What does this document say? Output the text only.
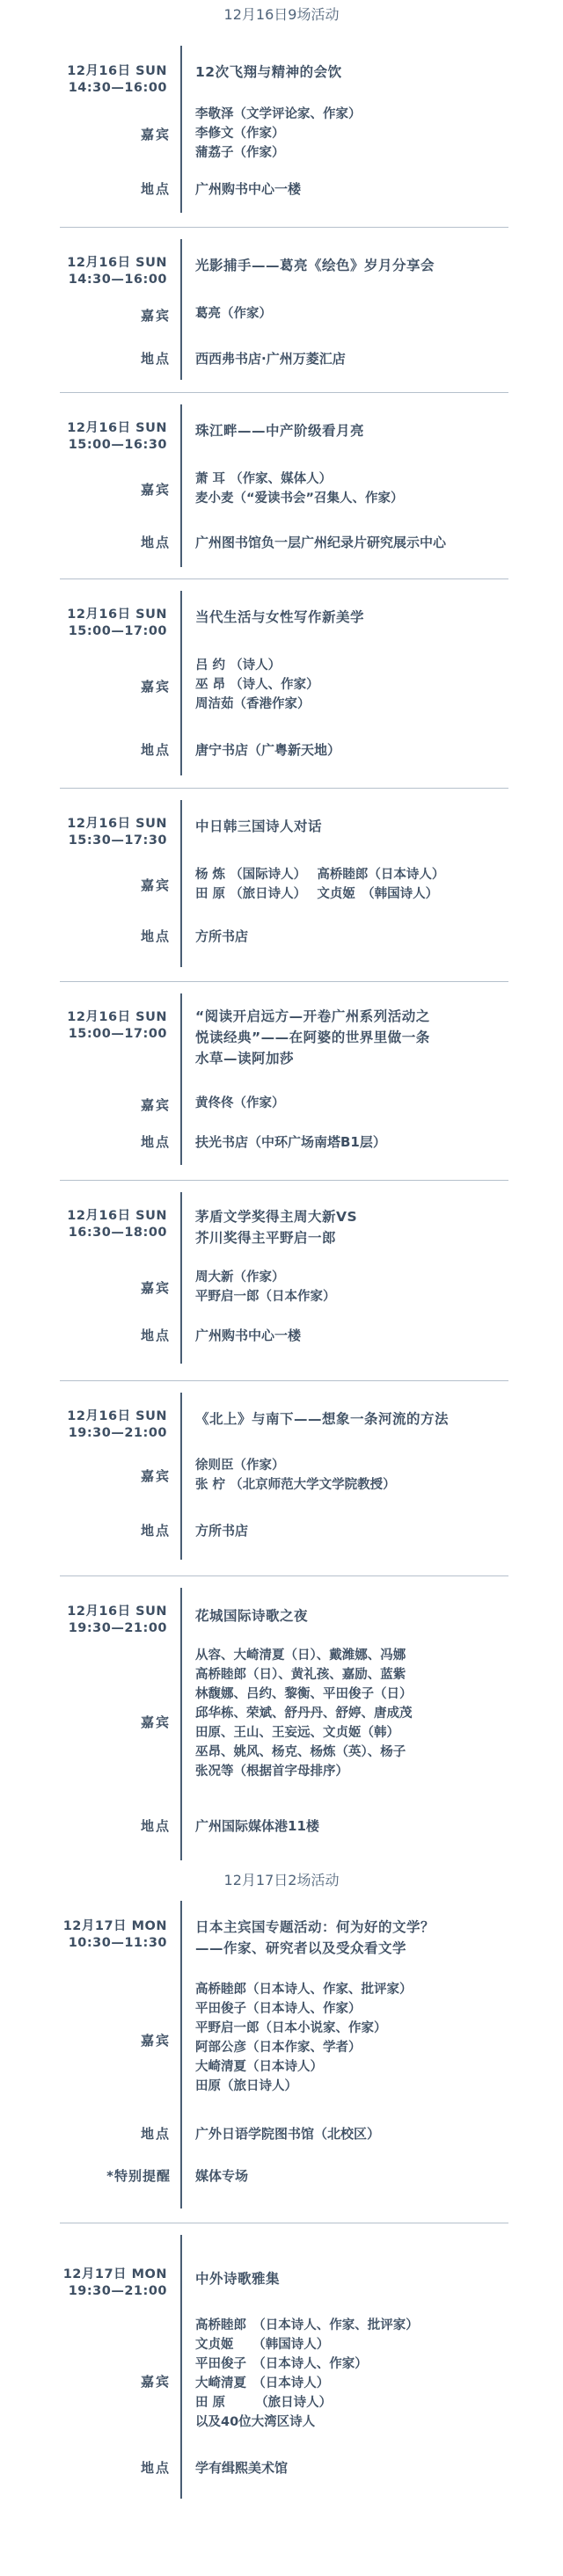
12月16日9场活动
12月16日 SUN
14:30—16:00
12次飞翔与精神的会饮
嘉宾
李敬泽（文学评论家、作家）
李修文（作家）
蒲荔子（作家）
地点 广州购书中心一楼
12月16日 SUN
14:30—16:00
光影捕手——葛亮《绘色》岁月分享会
嘉宾 葛亮（作家）
地点 西西弗书店·广州万菱汇店
12月16日 SUN
15:00—16:30
珠江畔——中产阶级看月亮
嘉宾
萧 耳 （作家、媒体人）
麦小麦（“爱读书会”召集人、作家）
地点 广州图书馆负一层广州纪录片研究展示中心
12月16日 SUN
15:00—17:00
当代生活与女性写作新美学
嘉宾
吕 约 （诗人）
巫 昂 （诗人、作家）
周洁茹（香港作家）
地点 唐宁书店（广粤新天地）
12月16日 SUN
15:30—17:30
中日韩三国诗人对话
嘉宾
杨 炼 （国际诗人）　 高桥睦郎（日本诗人）
田 原 （旅日诗人）　 文贞姬　（韩国诗人）
地点 方所书店
12月16日 SUN
15:00—17:00
“阅读开启远方—开卷广州系列活动之
悦读经典”——在阿婆的世界里做一条
水草—读阿加莎
嘉宾 黄佟佟（作家）
地点 扶光书店（中环广场南塔B1层）
12月16日 SUN
16:30—18:00
茅盾文学奖得主周大新VS
芥川奖得主平野启一郎
嘉宾
周大新（作家）
平野启一郎（日本作家）
地点 广州购书中心一楼
12月16日 SUN
19:30—21:00
《北上》与南下——想象一条河流的方法
嘉宾
徐则臣（作家）
张 柠 （北京师范大学文学院教授）
地点 方所书店
12月16日 SUN
19:30—21:00
花城国际诗歌之夜
嘉宾
从容、大崎清夏（日）、戴潍娜、冯娜
高桥睦郎（日）、黄礼孩、嘉励、蓝紫
林馥娜、吕约、黎衡、平田俊子（日）
邱华栋、荣斌、舒丹丹、舒婷、唐成茂
田原、王山、王妄远、文贞姬（韩）
巫昂、姚风、杨克、杨炼（英）、杨子
张况等（根据首字母排序）
地点 广州国际媒体港11楼
12月17日2场活动
12月17日 MON
10:30—11:30
日本主宾国专题活动：何为好的文学？
——作家、研究者以及受众看文学
嘉宾
高桥睦郎（日本诗人、作家、批评家）
平田俊子（日本诗人、作家）
平野启一郎（日本小说家、作家）
阿部公彦（日本作家、学者）
大崎清夏（日本诗人）
田原（旅日诗人）
地点 广外日语学院图书馆（北校区）
*特别提醒 媒体专场
12月17日 MON
19:30—21:00
中外诗歌雅集
嘉宾
高桥睦郎　（日本诗人、作家、批评家）
文贞姬　　（韩国诗人）
平田俊子　（日本诗人、作家）
大崎清夏　（日本诗人）
田 原　　 （旅日诗人）
以及40位大湾区诗人
地点 学有缉熙美术馆
